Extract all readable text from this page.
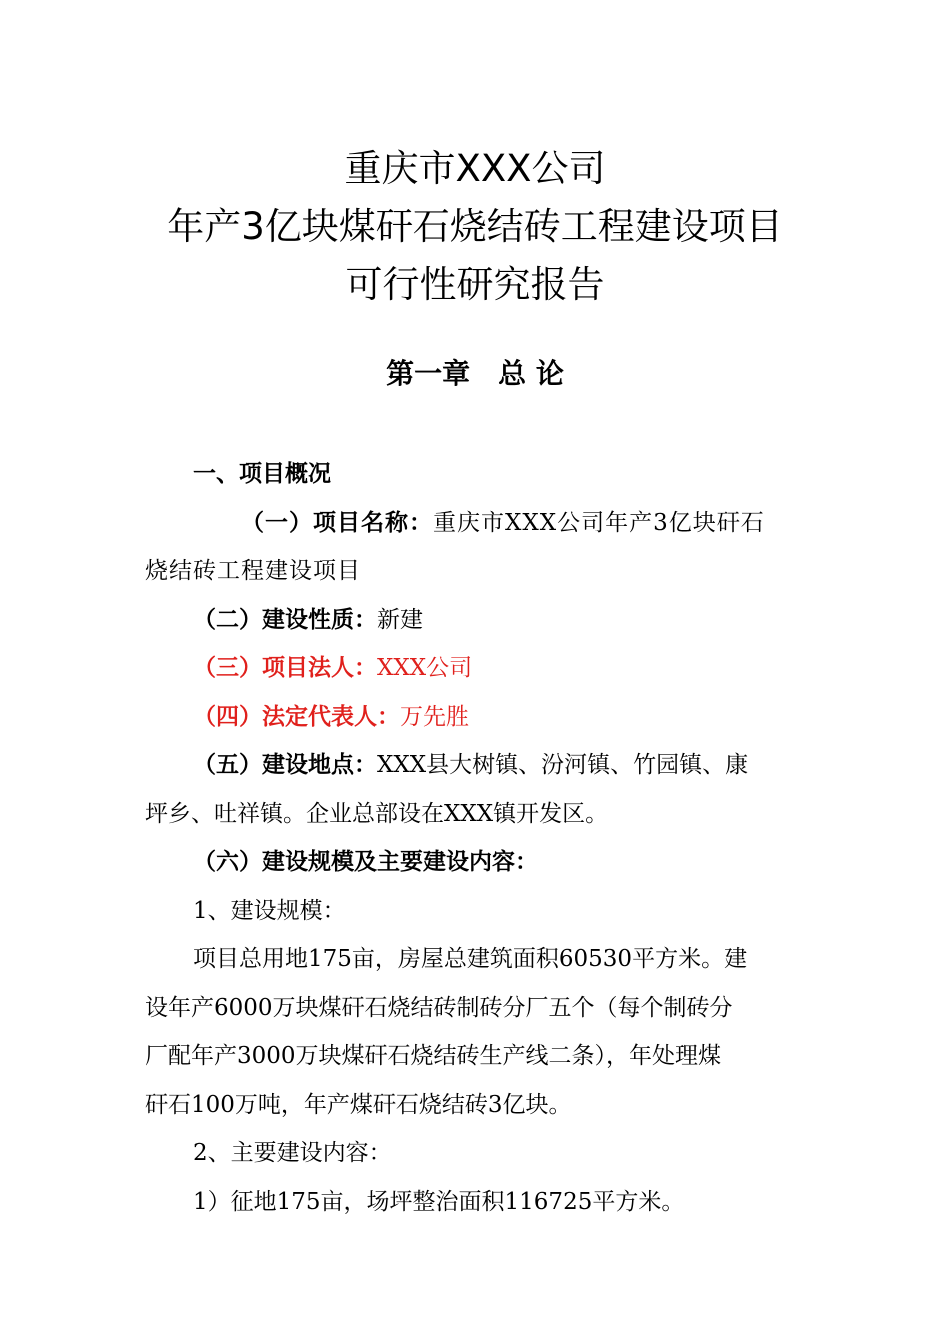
重庆市XXX公司
年产3亿块煤矸石烧结砖工程建设项目
可行性研究报告
第一章　总 论
一、项目概况
（一）项目名称：重庆市XXX公司年产3亿块矸石
烧结砖工程建设项目
（二）建设性质：新建
（三）项目法人：XXX公司
（四）法定代表人：万先胜
（五）建设地点：XXX县大树镇、汾河镇、竹园镇、康
坪乡、吐祥镇。企业总部设在XXX镇开发区。
（六）建设规模及主要建设内容：
1、建设规模：
项目总用地175亩，房屋总建筑面积60530平方米。建
设年产6000万块煤矸石烧结砖制砖分厂五个（每个制砖分
厂配年产3000万块煤矸石烧结砖生产线二条），年处理煤
矸石100万吨，年产煤矸石烧结砖3亿块。
2、主要建设内容：
1）征地175亩，场坪整治面积116725平方米。
